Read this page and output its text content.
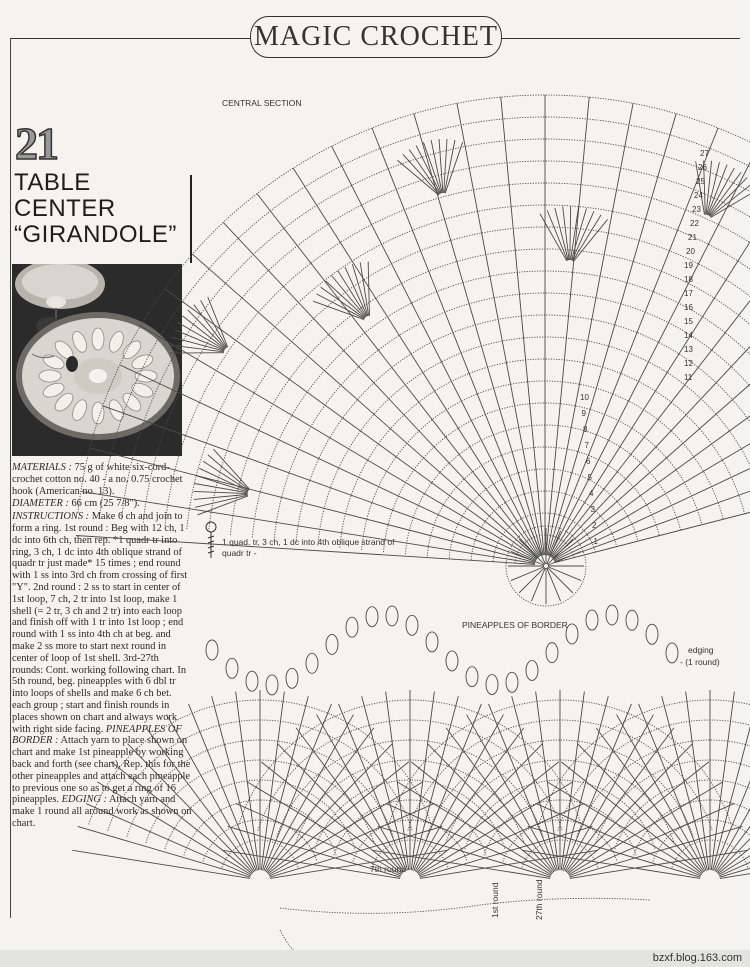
MAGIC CROCHET
21
TABLE
CENTER
“GIRANDOLE”

MATERIALS : 75 g of white six-cord-crochet cotton no. 40 - a no. 0.75 crochet hook (American no. 13).

DIAMETER : 66 cm (25 7/8").

INSTRUCTIONS : Make 6 ch and join to form a ring. 1st round : Beg with 12 ch, 1 dc into 6th ch, then rep. *1 quadr tr into ring, 3 ch, 1 dc into 4th oblique strand of quadr tr just made* 15 times ; end round with 1 ss into 3rd ch from crossing of first "Y". 2nd round : 2 ss to start in center of 1st loop, 7 ch, 2 tr into 1st loop, make 1 shell (= 2 tr, 3 ch and 2 tr) into each loop and finish off with 1 tr into 1st loop ; end round with 1 ss into 4th ch at beg. and make 2 ss more to start next round in center of loop of 1st shell. 3rd-27th rounds: Cont. working following chart. In 5th round, beg. pineapples with 6 dbl tr into loops of shells and make 6 ch bet. each group ; start and finish rounds in places shown on chart and always work with right side facing. PINEAPPLES OF BORDER : Attach yarn to place shown on chart and make 1st pineapple by working back and forth (see chart). Rep. this for the other pineapples and attach each pineapple to previous one so as to get a ring of 16 pineapples. EDGING : Attach yarn and make 1 round all around work as shown on chart.

CENTRAL SECTION
PINEAPPLES OF BORDER
edging
- (1 round)
7th round
1st round	27th round
1 quad. tr, 3 ch, 1 dc into 4th oblique strand of quadr tr -
27
26
25
24
23
22
21
20
19
18
17
16
15
14
13
12
11
10
9
8
7
6
5
4
3
2
1
bzxf.blog.163.com
